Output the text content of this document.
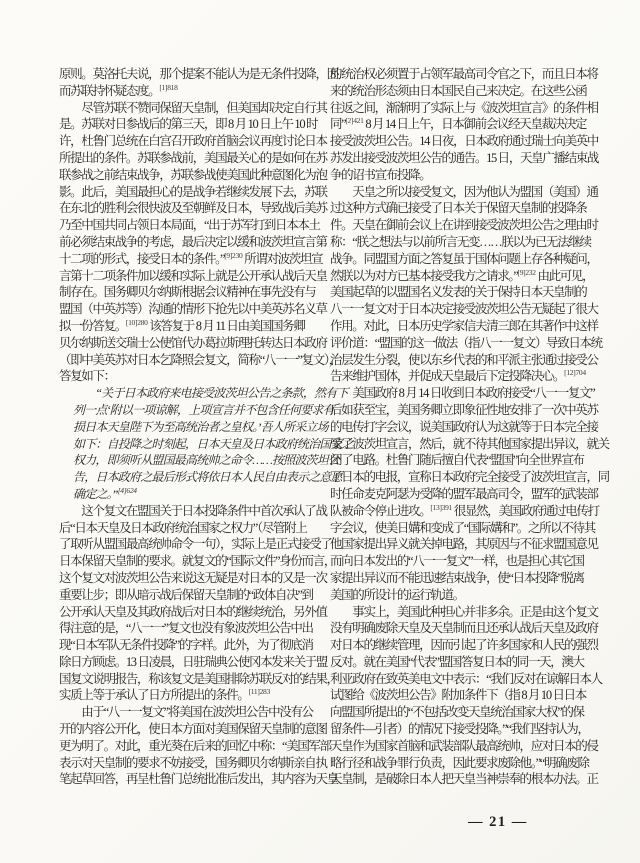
原则。莫洛托夫说，那个提案不能认为是无条件投降，因
而苏联持怀疑态度。$^{[1]818}$
　　尽管苏联不赞同保留天皇制，但美国却决定自行其
是。苏联对日参战后的第三天，即 8 月 10 日上午 10 时
许，杜鲁门总统在白宫召开政府首脑会议再度讨论日本
所提出的条件。苏联参战前，美国最关心的是如何在苏
联参战之前结束战争，苏联参战使美国此种意图化为泡
影。此后，美国最担心的是战争若继续发展下去，苏联
在东北的胜利会很快波及至朝鲜及日本，导致战后美苏
乃至中国共同占领日本局面，“出于苏军打到日本本土
前必须结束战争的考虑，最后决定以缓和波茨坦宣言第
十二项的形式，接受日本的条件。”$^{[9]230}$ 所谓对波茨坦宣
言第十二项条件加以缓和实际上就是公开承认战后天皇
制存在。国务卿贝尔纳斯根据会议精神在事先没有与
盟国（中英苏等）沟通的情形下抢先以中美英苏名义草
拟一份答复。$^{[10]280}$ 该答复于 8 月 11 日由美国国务卿
贝尔纳斯送交瑞士公使馆代办葛拉斯理托转达日本政府
（即中美英苏对日本乞降照会复文，简称“八一一”复文），
答复如下：
　　“关于日本政府来电接受波茨坦公告之条款，然有下
列一点‘附以一项谅解，上项宣言并不包含任何要求有
损日本天皇陛下为至高统治者之皇权。’吾人所采立场
如下：自投降之时刻起，日本天皇及日本政府统治国家之
权力，即须听从盟国最高统帅之命令……按照波茨坦公
告，日本政府之最后形式将依日本人民自由表示之意愿
确定之。”$^{[4]624}$
　　这个复文在盟国关于日本投降条件中首次承认了战
后“日本天皇及日本政府统治国家之权力”（尽管附上
了取听从盟国最高统帅命令一句），实际上是正式接受了
日本保留天皇制的要求。就复文的“国际文件”身份而言，
这个复文对波茨坦公告来说这无疑是对日本的又是一次
重要让步；即从暗示战后保留天皇制的“政体自决”到
公开承认天皇及其政府战后对日本的继续统治，另外值
得注意的是，“八一一”复文也没有象波茨坦公告中出
现“日本军队无条件投降”的字样。此外，为了彻底消
除日方顾虑。13 日凌晨，日驻瑞典公使冈本发来关于盟
国复文说明报告，称该复文是美国排除苏联反对的结果，
实质上等于承认了日方所提出的条件。$^{[11]283}$
　　由于“八一一复文”将美国在波茨坦公告中没有公
开的内容公开化，使日本方面对美国保留天皇制的意图
更为明了。对此，重光葵在后来的回忆中称：“美国军部
表示对天皇制的要求不妨接受，国务卿贝尔纳斯亲自执
笔起草回答，再呈杜鲁门总统批准后发出，其内容为天皇
的统治权必须置于占领军最高司令官之下，而且日本将
来的统治形态须由日本国民自己来决定。在这些公函
往返之间，渐渐明了实际上与《波茨坦宣言》的条件相
同”$^{[2]421}$ 8 月 14 日上午，日本御前会议经天皇裁决决定
接受波茨坦公告。14 日夜，日本政府通过瑞士向美英中
苏发出接受波茨坦公告的通告。15 日，天皇广播结束战
争的诏书宣布投降。
　　天皇之所以接受复文，因为他认为盟国（美国）通
过这种方式确已接受了日本关于保留天皇制的投降条
件。天皇在御前会议上在讲到接受波茨坦公告之理由时
称：“朕之想法与以前所言无变……朕以为已无法继续
战争。同盟国方面之答复虽于国体问题上存各种疑问，
然朕以为对方已基本接受我方之请求。”$^{[9]232}$ 由此可见，
美国起草的以盟国名义发表的关于保持日本天皇制的
八一一复文对于日本决定接受波茨坦公告无疑起了很大
作用。对此，日本历史学家信夫清三郎在其著作中这样
评价道：“盟国的这一做法（指八一一复文）导致日本统
治层发生分裂，使以东乡代表的和平派主张通过接受公
告来维护国体，并促成天皇最后下定投降决心。$^{[12]704}$
　　美国政府 8 月 14 日收到日本政府接受“八一一复文”
后如获至宝，美国务卿立即象征性地安排了一次中英苏
的电传打字会议，说美国政府认为这就等于日本完全接
受了波茨坦宣言，然后，就不待其他国家提出异议，就关
闭了电路。杜鲁门随后擅自代表“盟国”向全世界宣布
了日本的电报，宣称日本政府完全接受了波茨坦宣言，同
时任命麦克阿瑟为受降的盟军最高司令，盟军的武装部
队被命令停止进攻。$^{[13]391}$ 很显然，美国政府通过电传打
字会议，使美日媾和变成了“国际媾和”。之所以不待其
他国家提出异义就关掉电路，其原因与不征求盟国意见
而向日本发出的“八一一复文”一样，也是担心其它国
家提出异议而不能迅速结束战争，使“日本投降”脱离
美国的所设计的运行轨道。
　　事实上，美国此种担心并非多余。正是由这个复文
没有明确废除天皇及天皇制而且还承认战后天皇及政府
对日本的继续管理，因而引起了许多国家和人民的强烈
反对。就在美国“代表”盟国答复日本的同一天，澳大
利亚政府在致英美电文中表示：“我们反对在谅解日本人
试图给《波茨坦公告》附加条件下（指 8 月 10 日日本
向盟国所提出的“不包括改变天皇统治国家大权”的保
留条件—引者）的情况下接受投降。”“我们坚持认为，
天皇作为国家首脑和武装部队最高统帅，应对日本的侵
略行径和战争罪行负责，因此要求废除他。”“明确废除
天皇制，是破除日本人把天皇当神崇奉的根本办法。正
— 21 —
